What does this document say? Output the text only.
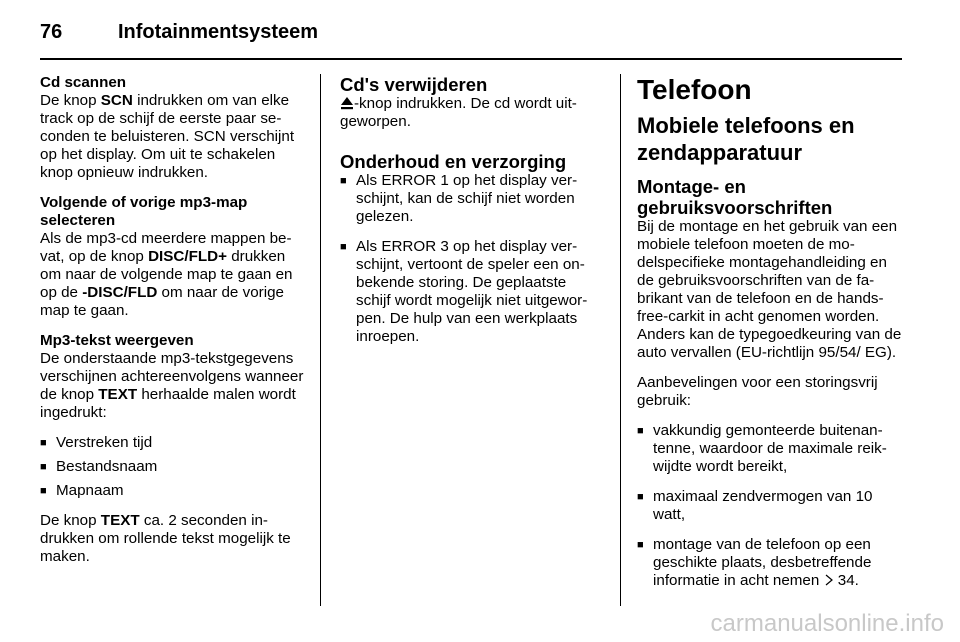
76	Infotainmentsysteem

Cd scannen

De knop SCN indrukken om van elke track op de schijf de eerste paar seconden te beluisteren. SCN verschijnt op het display. Om uit te schakelen knop opnieuw indrukken.

Volgende of vorige mp3-map selecteren

Als de mp3-cd meerdere mappen bevat, op de knop DISC/FLD+ drukken om naar de volgende map te gaan en op de -DISC/FLD om naar de vorige map te gaan.

Mp3-tekst weergeven

De onderstaande mp3-tekstgegevens verschijnen achtereenvolgens wanneer de knop TEXT herhaalde malen wordt ingedrukt:

■ Verstreken tijd
■ Bestandsnaam
■ Mapnaam

De knop TEXT ca. 2 seconden indrukken om rollende tekst mogelijk te maken.

Cd's verwijderen

-knop indrukken. De cd wordt uitgeworpen.

Onderhoud en verzorging
■ Als ERROR 1 op het display verschijnt, kan de schijf niet worden gelezen.
■ Als ERROR 3 op het display verschijnt, vertoont de speler een onbekende storing. De geplaatste schijf wordt mogelijk niet uitgeworpen. De hulp van een werkplaats inroepen.
Telefoon
Mobiele telefoons en zendapparatuur
Montage- en gebruiksvoorschriften

Bij de montage en het gebruik van een mobiele telefoon moeten de modelspecifieke montagehandleiding en de gebruiksvoorschriften van de fabrikant van de telefoon en de hands-free-carkit in acht genomen worden. Anders kan de typegoedkeuring van de auto vervallen (EU-richtlijn 95/54/ EG).

Aanbevelingen voor een storingsvrij gebruik:

■ vakkundig gemonteerde buitenantenne, waardoor de maximale reikwijdte wordt bereikt,
■ maximaal zendvermogen van 10 watt,
■ montage van de telefoon op een geschikte plaats, desbetreffende informatie in acht nemen  34.
carmanualsonline.info
